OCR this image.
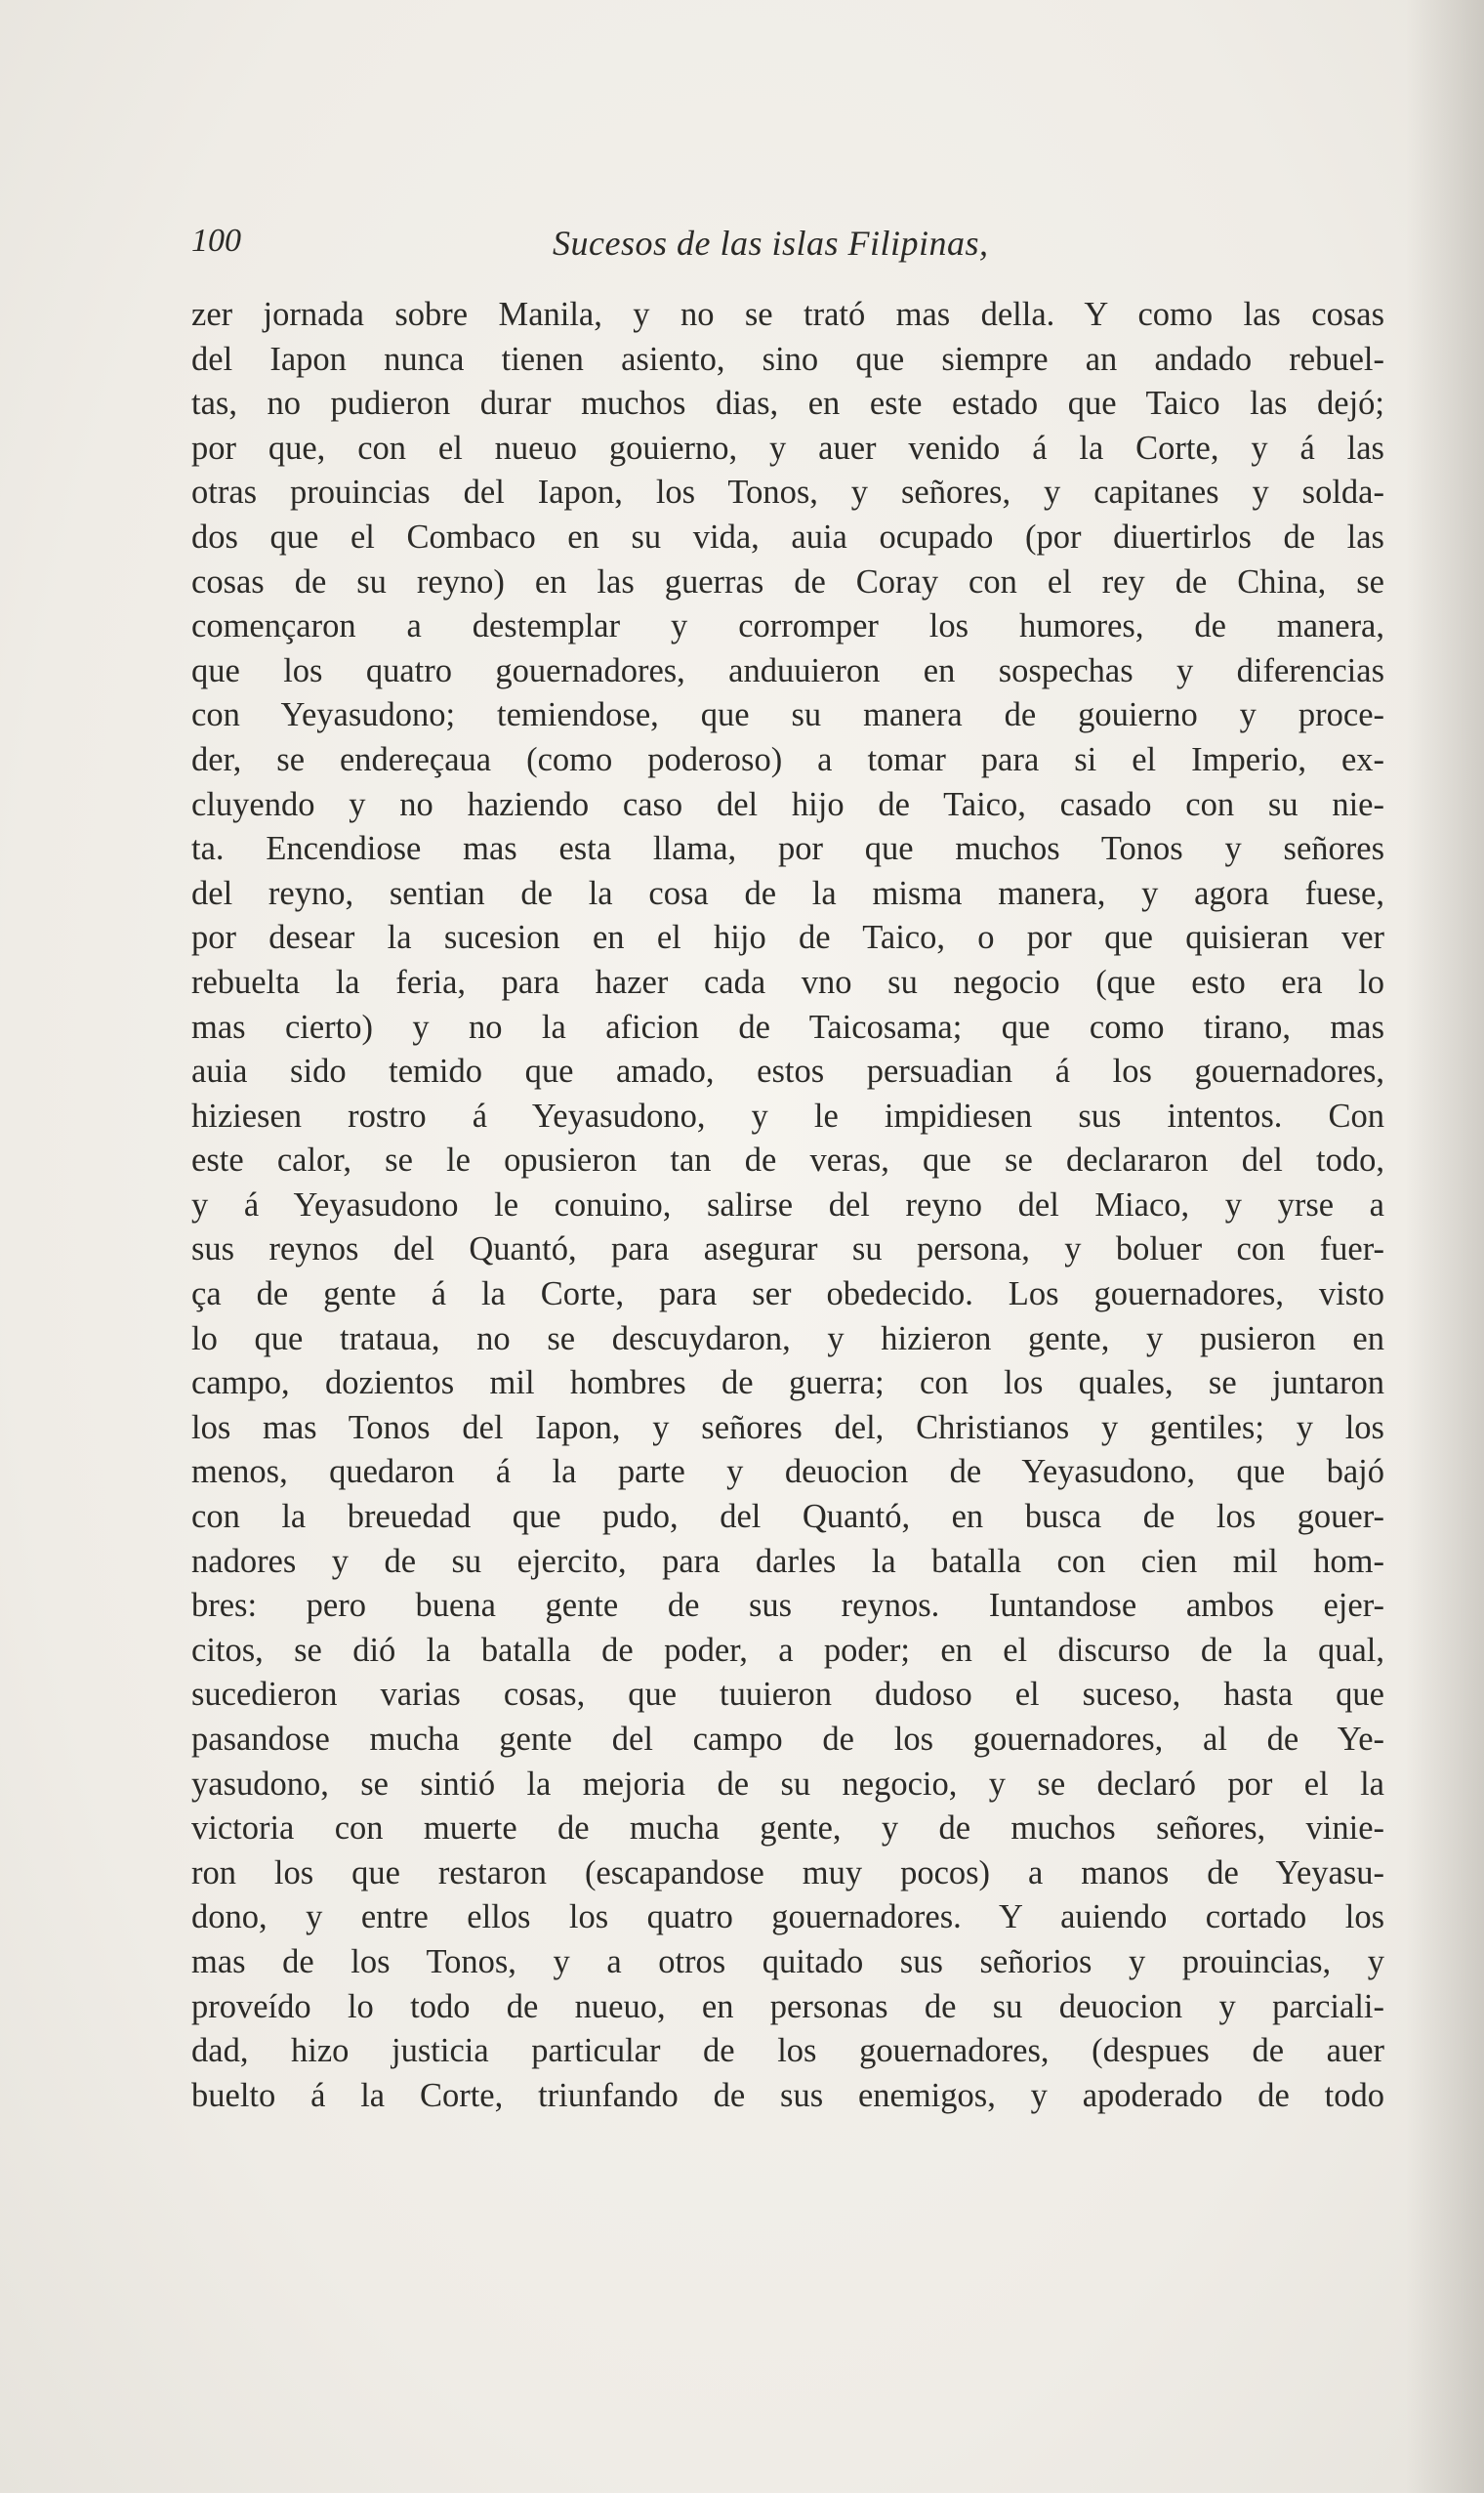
100	Sucesos de las islas Filipinas,
zer jornada sobre Manila, y no se trató mas della. Y como las cosas
del Iapon nunca tienen asiento, sino que siempre an andado rebuel-
tas, no pudieron durar muchos dias, en este estado que Taico las dejó;
por que, con el nueuo gouierno, y auer venido á la Corte, y á las
otras prouincias del Iapon, los Tonos, y señores, y capitanes y solda-
dos que el Combaco en su vida, auia ocupado (por diuertirlos de las
cosas de su reyno) en las guerras de Coray con el rey de China, se
començaron a destemplar y corromper los humores, de manera,
que los quatro gouernadores, anduuieron en sospechas y diferencias
con Yeyasudono; temiendose, que su manera de gouierno y proce-
der, se endereçaua (como poderoso) a tomar para si el Imperio, ex-
cluyendo y no haziendo caso del hijo de Taico, casado con su nie-
ta. Encendiose mas esta llama, por que muchos Tonos y señores
del reyno, sentian de la cosa de la misma manera, y agora fuese,
por desear la sucesion en el hijo de Taico, o por que quisieran ver
rebuelta la feria, para hazer cada vno su negocio (que esto era lo
mas cierto) y no la aficion de Taicosama; que como tirano, mas
auia sido temido que amado, estos persuadian á los gouernadores,
hiziesen rostro á Yeyasudono, y le impidiesen sus intentos. Con
este calor, se le opusieron tan de veras, que se declararon del todo,
y á Yeyasudono le conuino, salirse del reyno del Miaco, y yrse a
sus reynos del Quantó, para asegurar su persona, y boluer con fuer-
ça de gente á la Corte, para ser obedecido. Los gouernadores, visto
lo que tratauа, no se descuydaron, y hizieron gente, y pusieron en
campo, dozientos mil hombres de guerra; con los quales, se juntaron
los mas Tonos del Iapon, y señores del, Christianos y gentiles; y los
menos, quedaron á la parte y deuocion de Yeyasudono, que bajó
con la breuedad que pudo, del Quantó, en busca de los gouer-
nadores y de su ejercito, para darles la batalla con cien mil hom-
bres: pero buena gente de sus reynos. Iuntandose ambos ejer-
citos, se dió la batalla de poder, a poder; en el discurso de la qual,
sucedieron varias cosas, que tuuieron dudoso el suceso, hasta que
pasandose mucha gente del campo de los gouernadores, al de Ye-
yasudono, se sintió la mejoria de su negocio, y se declaró por el la
victoria con muerte de mucha gente, y de muchos señores, vinie-
ron los que restaron (escapandose muy pocos) a manos de Yeyasu-
dono, y entre ellos los quatro gouernadores. Y auiendo cortado los
mas de los Tonos, y a otros quitado sus señorios y prouincias, y
proveído lo todo de nueuo, en personas de su deuocion y parciali-
dad, hizo justicia particular de los gouernadores, (despues de auer
buelto á la Corte, triunfando de sus enemigos, y apoderado de todo
